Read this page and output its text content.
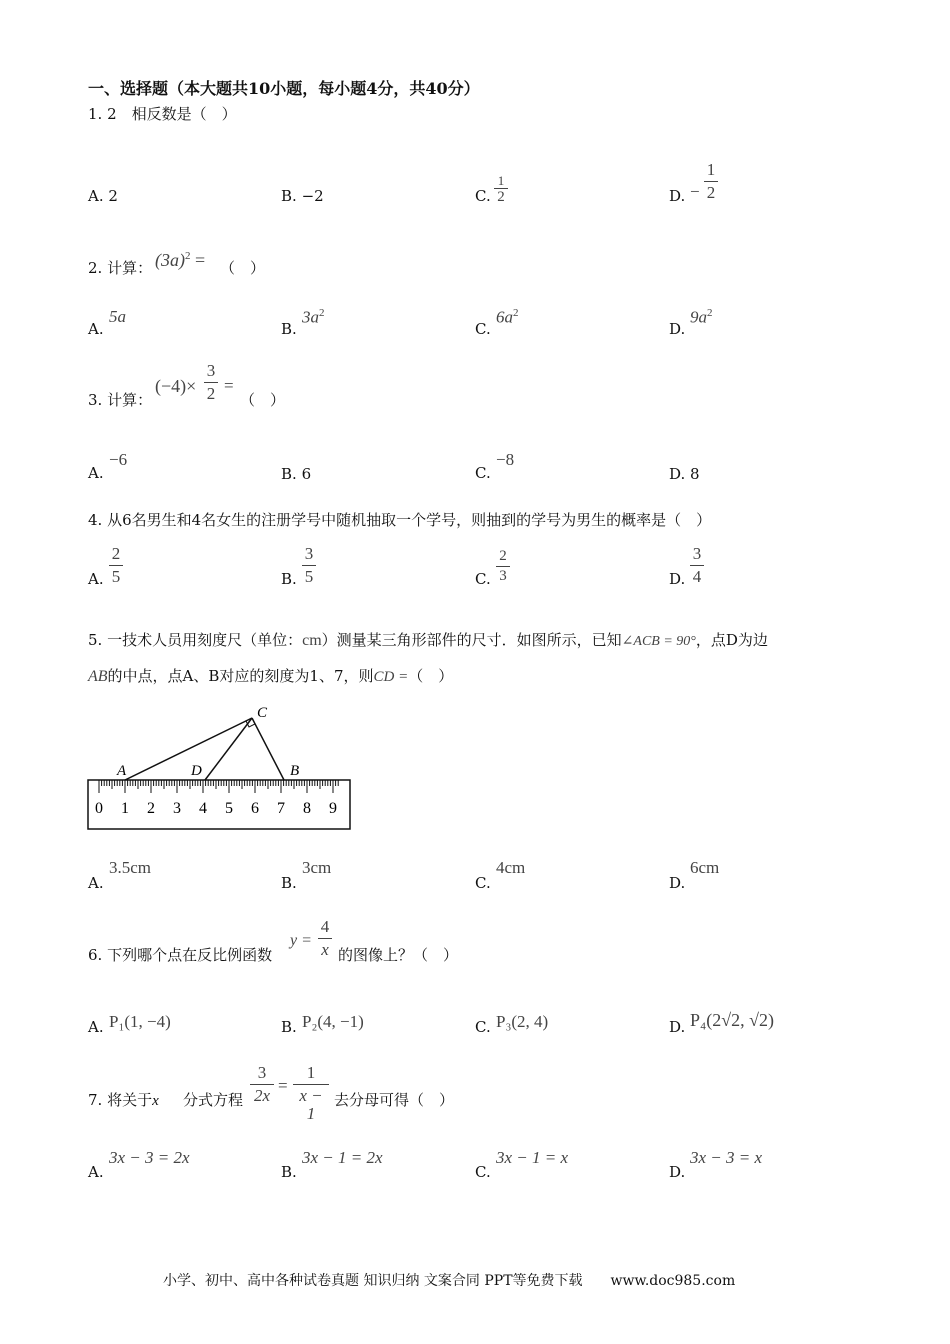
一、选择题（本大题共10小题，每小题4分，共40分）
1. 2　相反数是（　）
A. 2	B. −2	C.
1
2	D. −
1
2
2. 计算： $(3a)^2$ = （　）
A.
5a
B.
$3a^2$
C.
$6a^2$
D.
$9a^2$
3. 计算：
(−4)×
3
2 =
（　）
A.
−6
B. 6	C.
−8
D. 8
4. 从6名男生和4名女生的注册学号中随机抽取一个学号，则抽到的学号为男生的概率是（　）
A.
2
5	B.
3
5	C.
2
3	D.
3
4
5. 一技术人员用刻度尺（单位：cm）测量某三角形部件的尺寸．如图所示，已知∠ACB = 90°，点D为边
AB的中点，点A、B对应的刻度为1、7，则CD =（　）
0 1 2 3 4 5 6 7 8 9
C
A	D	B
A.
3.5cm
B.
3cm
C.
4cm
D.
6cm
6. 下列哪个点在反比例函数
y =
4
x 的图像上？（　）
A. P₁(1, −4)	B. P₂(4, −1)	C. P₃(2, 4)	D. P₄(2√2, √2)
7. 将关于x 分式方程
3
2x
=
1
x − 1
去分母可得（　）
A.
3x − 3 = 2x
B.
3x − 1 = 2x
C.
3x − 1 = x
D.
3x − 3 = x
小学、初中、高中各种试卷真题 知识归纳 文案合同 PPT等免费下载　　www.doc985.com
